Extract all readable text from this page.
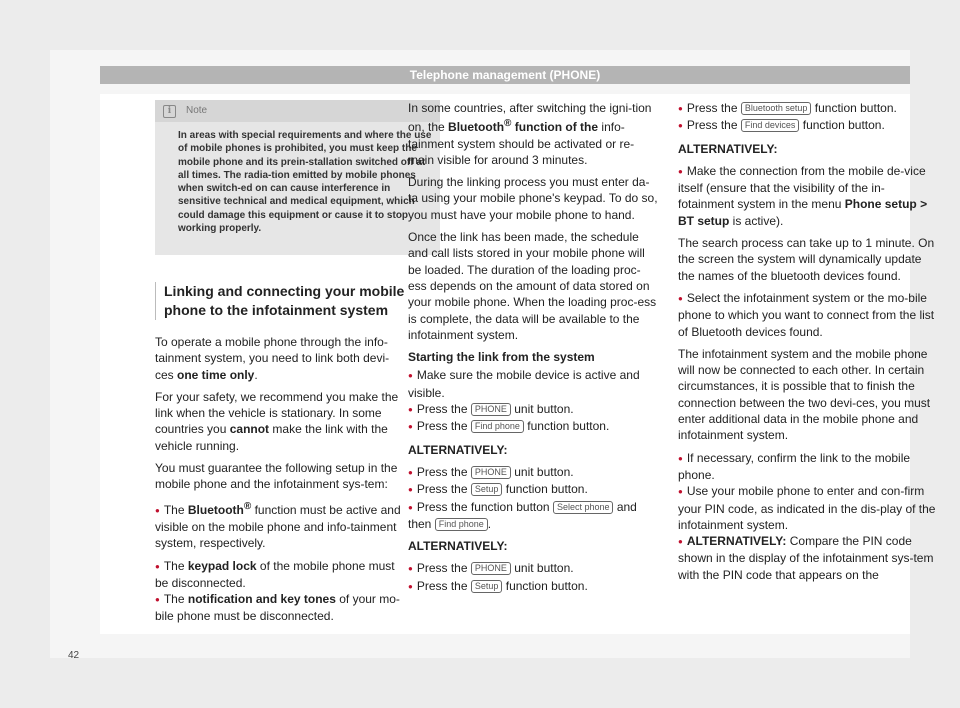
Telephone management (PHONE)
i	Note
In areas with special requirements and where the use of mobile phones is prohibited, you must keep the mobile phone and its prein-stallation switched off at all times. The radia-tion emitted by mobile phones when switch-ed on can cause interference in sensitive technical and medical equipment, which could damage this equipment or cause it to stop working properly.
Linking and connecting your mobile phone to the infotainment system

To operate a mobile phone through the info-tainment system, you need to link both devi-ces one time only.

For your safety, we recommend you make the link when the vehicle is stationary. In some countries you cannot make the link with the vehicle running.

You must guarantee the following setup in the mobile phone and the infotainment sys-tem:

● The Bluetooth® function must be active and visible on the mobile phone and info-tainment system, respectively.

● The keypad lock of the mobile phone must be disconnected.

● The notification and key tones of your mo-bile phone must be disconnected.

In some countries, after switching the igni-tion on, the Bluetooth® function of the info-tainment system should be activated or re-main visible for around 3 minutes.

During the linking process you must enter da-ta using your mobile phone's keypad. To do so, you must have your mobile phone to hand.

Once the link has been made, the schedule and call lists stored in your mobile phone will be loaded. The duration of the loading proc-ess depends on the amount of data stored on your mobile phone. When the loading proc-ess is complete, the data will be available to the infotainment system.

Starting the link from the system

● Make sure the mobile device is active and visible.

● Press the PHONE unit button.

● Press the Find phone function button.

ALTERNATIVELY:

● Press the PHONE unit button.

● Press the Setup function button.

● Press the function button Select phone and then Find phone .

ALTERNATIVELY:

● Press the PHONE unit button.

● Press the Setup function button.

● Press the Bluetooth setup function button.

● Press the Find devices function button.

ALTERNATIVELY:

● Make the connection from the mobile de-vice itself (ensure that the visibility of the in-fotainment system in the menu Phone setup > BT setup is active).

The search process can take up to 1 minute. On the screen the system will dynamically update the names of the bluetooth devices found.

● Select the infotainment system or the mo-bile phone to which you want to connect from the list of Bluetooth devices found.

The infotainment system and the mobile phone will now be connected to each other. In certain circumstances, it is possible that to finish the connection between the two devi-ces, you must enter additional data in the mobile phone and infotainment system.

● If necessary, confirm the link to the mobile phone.

● Use your mobile phone to enter and con-firm your PIN code, as indicated in the dis-play of the infotainment system.

● ALTERNATIVELY: Compare the PIN code shown in the display of the infotainment sys-tem with the PIN code that appears on the

42
